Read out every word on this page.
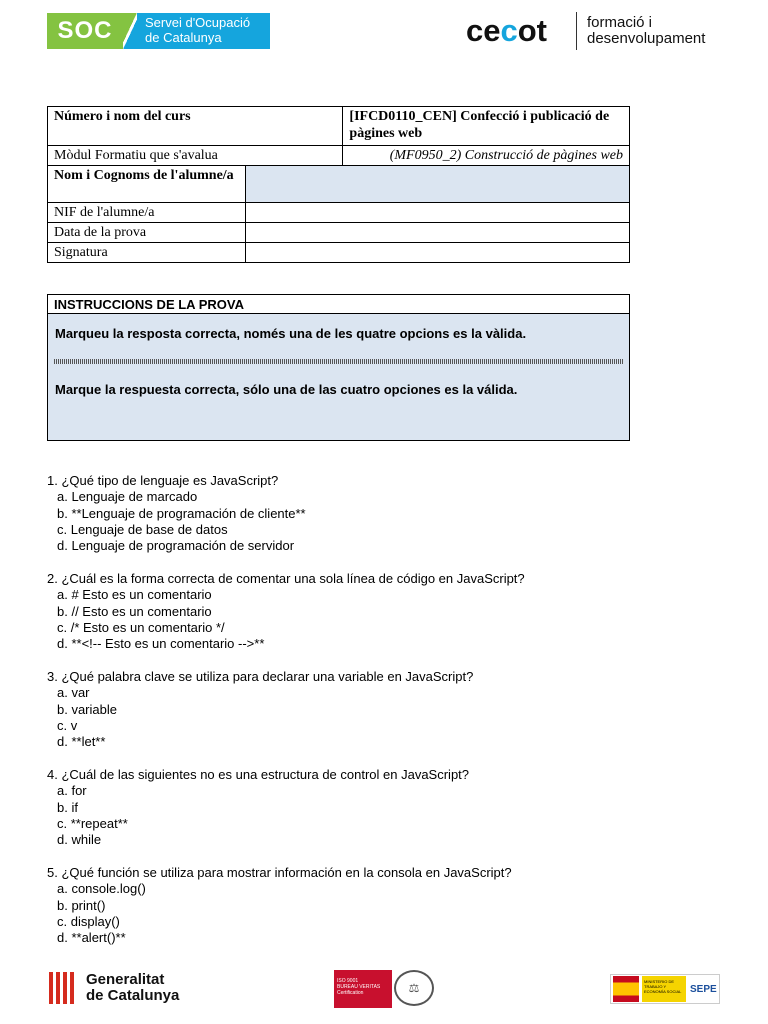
SOC	Servei d'Ocupació
de Catalunya	cecot	formació i
desenvolupament
Número i nom del curs		[IFCD0110_CEN] Confecció i publicació de pàgines web
Mòdul Formatiu que s'avalua		(MF0950_2) Construcció de pàgines web
Nom i Cognoms de l'alumne/a		
NIF de l'alumne/a		
Data de la prova		
Signatura		
INSTRUCCIONS DE LA PROVA
Marqueu la resposta correcta, només una de les quatre opcions es la vàlida.
Marque la respuesta correcta, sólo una de las cuatro opciones es la válida.
1. ¿Qué tipo de lenguaje es JavaScript?
a. Lenguaje de marcado
b. **Lenguaje de programación de cliente**
c. Lenguaje de base de datos
d. Lenguaje de programación de servidor
2. ¿Cuál es la forma correcta de comentar una sola línea de código en JavaScript?
a. # Esto es un comentario
b. // Esto es un comentario
c. /* Esto es un comentario */
d. **<!-- Esto es un comentario -->**
3. ¿Qué palabra clave se utiliza para declarar una variable en JavaScript?
a. var
b. variable
c. v
d. **let**
4. ¿Cuál de las siguientes no es una estructura de control en JavaScript?
a. for
b. if
c. **repeat**
d. while
5. ¿Qué función se utiliza para mostrar información en la consola en JavaScript?
a. console.log()
b. print()
c. display()
d. **alert()**
Generalitat
de Catalunya
ISO 9001
BUREAU VERITAS
Certification	⚖	MINISTERIO DE TRABAJO Y ECONOMÍA SOCIAL SEPE
